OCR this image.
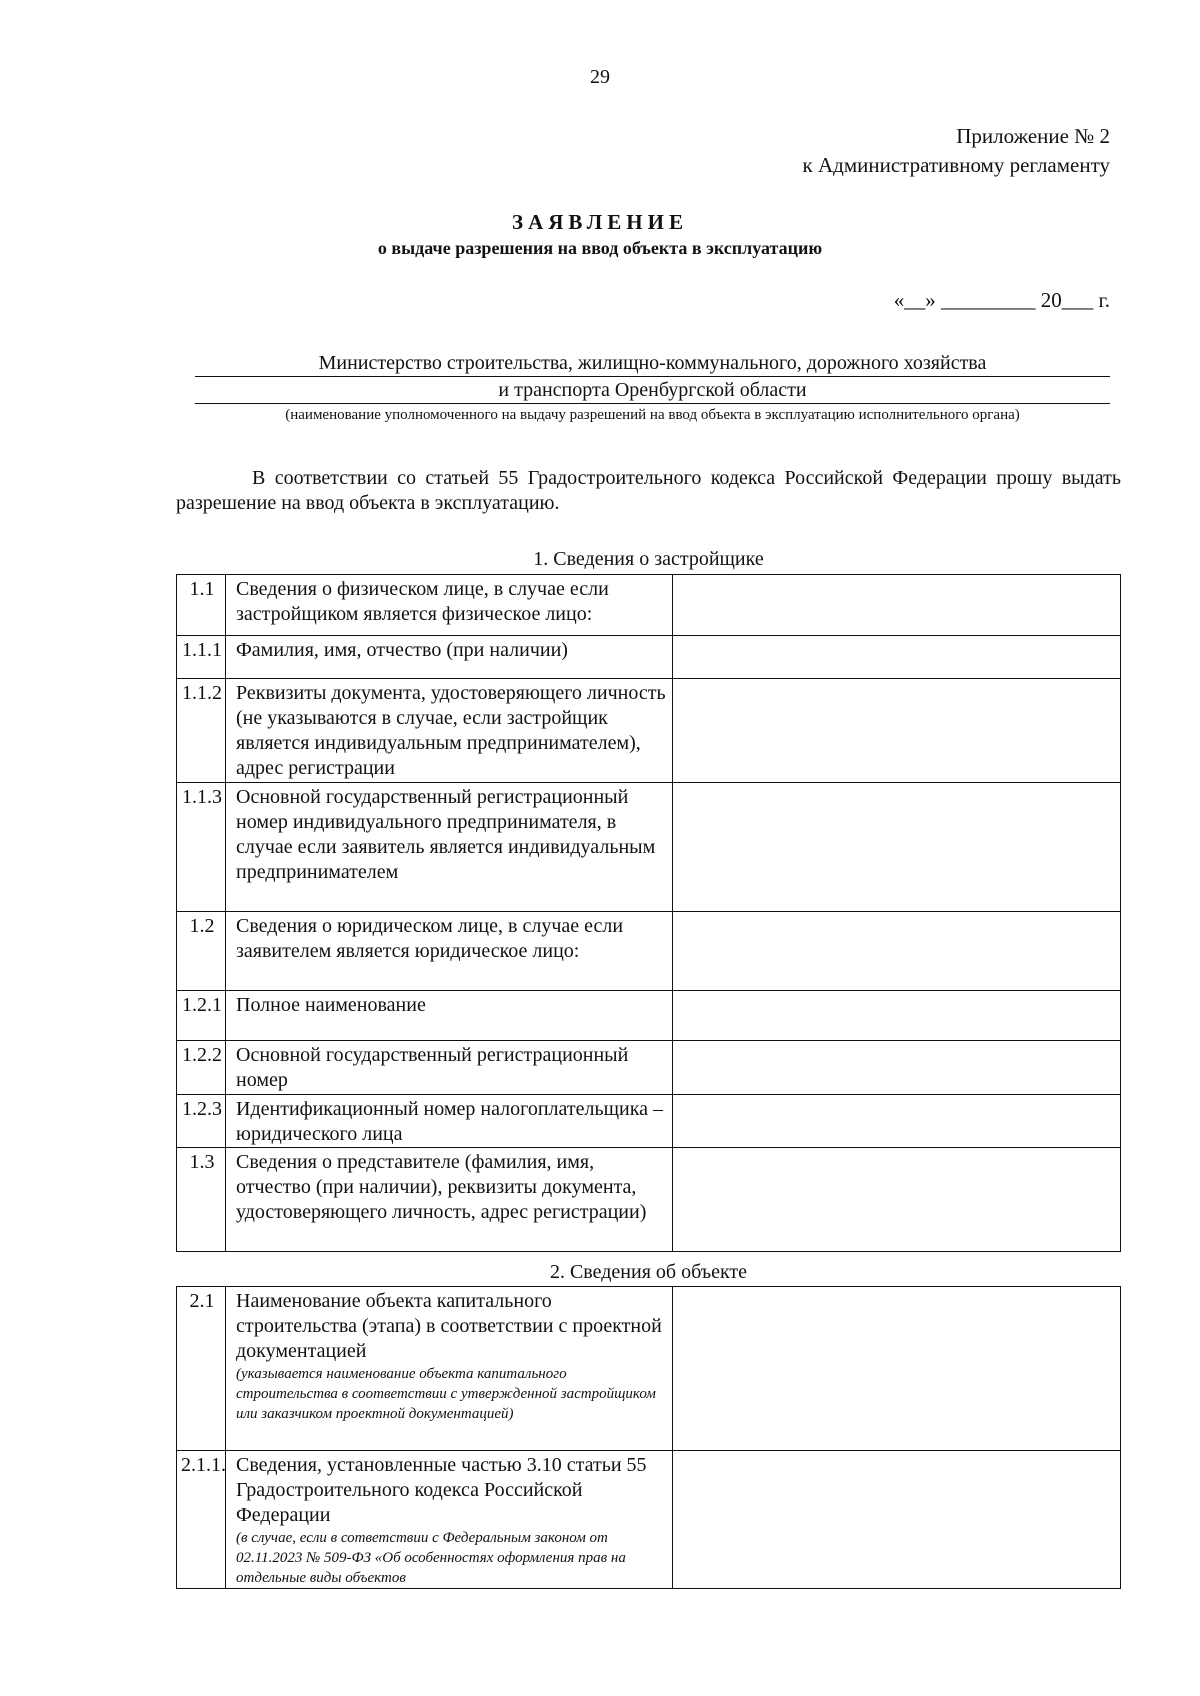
29
Приложение № 2
к Административному регламенту
ЗАЯВЛЕНИЕ
о выдаче разрешения на ввод объекта в эксплуатацию
«__» _________ 20___ г.
Министерство строительства, жилищно-коммунального, дорожного хозяйства
и транспорта Оренбургской области
(наименование уполномоченного на выдачу разрешений на ввод объекта в эксплуатацию исполнительного органа)
В соответствии со статьей 55 Градостроительного кодекса Российской Федерации прошу выдать разрешение на ввод объекта в эксплуатацию.
1. Сведения о застройщике
1.1	Сведения о физическом лице, в случае если застройщиком является физическое лицо:	
1.1.1	Фамилия, имя, отчество (при наличии)	
1.1.2	Реквизиты документа, удостоверяющего личность (не указываются в случае, если застройщик является индивидуальным предпринимателем), адрес регистрации	
1.1.3	Основной государственный регистрационный номер индивидуального предпринимателя, в случае если заявитель является индивидуальным предпринимателем	
1.2	Сведения о юридическом лице, в случае если заявителем является юридическое лицо:	
1.2.1	Полное наименование	
1.2.2	Основной государственный регистрационный номер	
1.2.3	Идентификационный номер налогоплательщика – юридического лица	
1.3	Сведения о представителе (фамилия, имя, отчество (при наличии), реквизиты документа, удостоверяющего личность, адрес регистрации)	
2. Сведения об объекте
2.1	Наименование объекта капитального строительства (этапа) в соответствии с проектной документацией
(указывается наименование объекта капитального строительства в соответствии с утвержденной застройщиком или заказчиком проектной документацией)	

2.1.1.	Сведения, установленные частью 3.10 статьи 55 Градостроительного кодекса Российской Федерации
(в случае, если в сответствии с Федеральным законом от 02.11.2023 № 509-ФЗ «Об особенностях оформления прав на отдельные виды объектов	
